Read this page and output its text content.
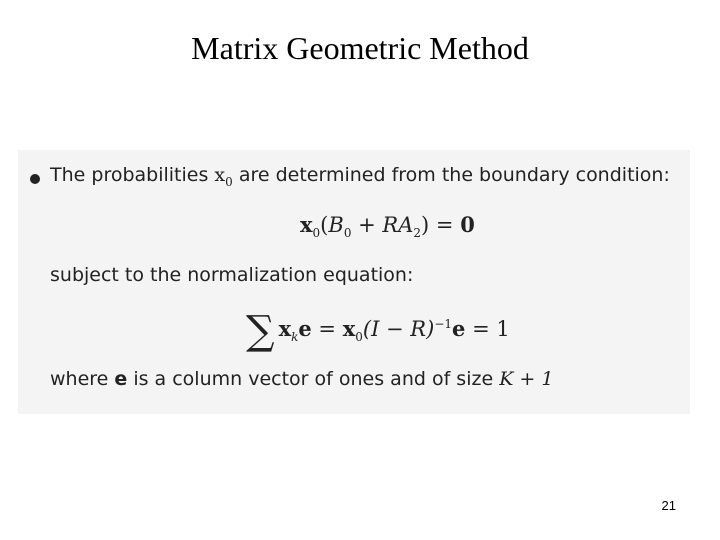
Matrix Geometric Method
The probabilities $x_0$ are determined from the boundary condition:
$x_0(B_0 + RA_2) = 0$
subject to the normalization equation:
∑ $x_ke = x_0(I - R)^{-1}e = 1$
where e is a column vector of ones and of size K + 1
21
